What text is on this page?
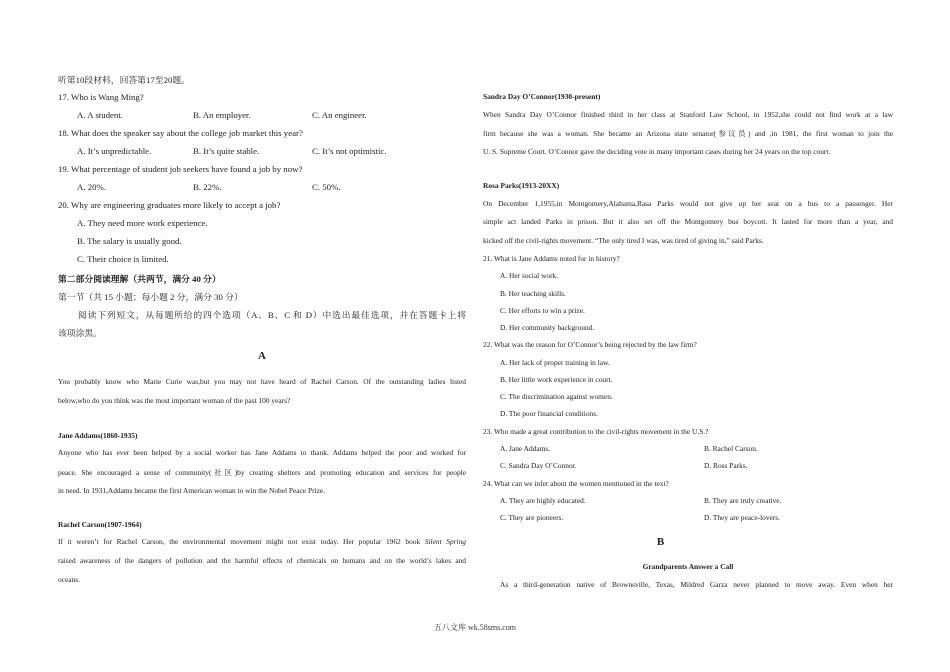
听第10段材料，回答第17至20题。
17. Who is Wang Ming?
A. A student.	B. An employer.	C. An engineer.
18. What does the speaker say about the college job market this year?
A. It’s unpredictable.	B. It’s quite stable.	C. It’s not optimistic.
19. What percentage of student job seekers have found a job by now?
A. 20%.	B. 22%.	C. 50%.
20. Why are engineering graduates more likely to accept a job?
A. They need more work experience.
B. The salary is usually good.
C. Their choice is limited.
第二部分阅读理解（共两节，满分 40 分）
第一节（共 15 小题；每小题 2 分，满分 30 分）
阅读下列短文，从每题所给的四个选项（A、B、C 和 D）中选出最佳选项，并在答题卡上将
该项涂黑。
A
You probably know who Marie Curie was,but you may not have heard of Rachel Carson. Of the outstanding ladies listed
below,who do you think was the most important woman of the past 100 years?
Jane Addams(1860-1935)
Anyone who has ever been helped by a social worker has Jane Addams to thank. Addams helped the poor and worked for
peace. She encouraged a sense of community(社区)by creating shelters and promoting education and services for people
in need. In 1931,Addams became the first American woman to win the Nobel Peace Prize.
Rachel Carson(1907-1964)
If it weren’t for Rachel Carson, the environmental movement might not exist today. Her popular 1962 book Silent Spring
raised awareness of the dangers of pollution and the harmful effects of chemicals on humans and on the world’s lakes and
oceans.
Sandra Day O’Connor(1930-present)
When Sandra Day O’Connor finished third in her class at Stanford Law School, in 1952,she could not find work at a law
firm because she was a woman. She became an Arizona state senator(参议员) and ,in 1981, the first woman to join the
U. S. Supreme Court. O’Connor gave the deciding vote in many important cases during her 24 years on the top court.
Rosa Parks(1913-20XX)
On December 1,1955,in Montgomery,Alabama,Rasa Parks would not give up her seat on a bus to a passenger. Her
simple act landed Parks in prison. But it also set off the Montgomery bus boycott. It lasted for more than a year, and
kicked off the civil-rights movement. “The only tired I was, was tired of giving in,” said Parks.
21. What is Jane Addams noted for in history?
A. Her social work.
B. Her teaching skills.
C. Her efforts to win a prize.
D. Her community background.
22. What was the reason for O’Connor’s being rejected by the law firm?
A. Her lack of proper training in law.
B. Her little work experience in court.
C. The discrimination against women.
D. The poor financial conditions.
23. Who made a great contribution to the civil-rights movement in the U.S.?
A. Jane Addams.	B. Rachel Carson.
C. Sandra Day O’Connor.	D. Ross Parks.
24. What can we infer about the women mentioned in the text?
A. They are highly educated.	B. They are truly creative.
C. They are pioneers.	D. They are peace-lovers.
B
Grandparents Answer a Call
As a third-generation native of Brownsville, Texas, Mildred Garza never planned to move away. Even when her
五八文库 wk.58sms.com
